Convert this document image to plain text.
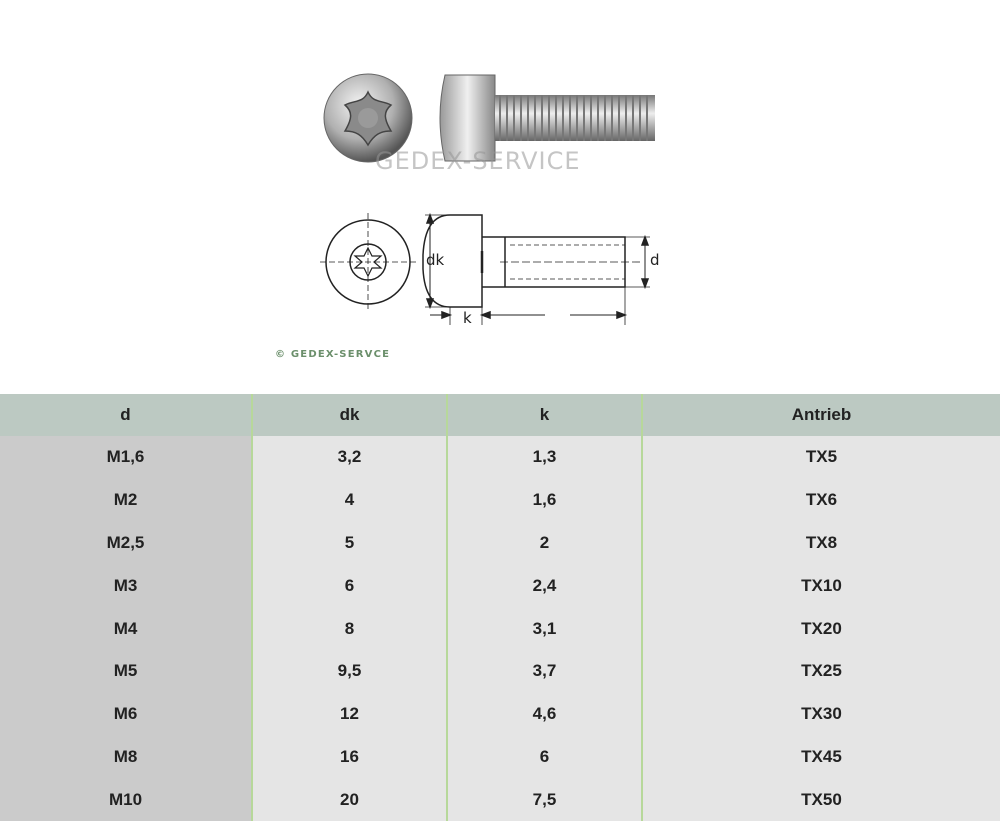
GEDEX-SERVICE
dk
k
d
© GEDEX-SERVCE
d	dk	k	Antrieb
M1,6	3,2	1,3	TX5
M2	4	1,6	TX6
M2,5	5	2	TX8
M3	6	2,4	TX10
M4	8	3,1	TX20
M5	9,5	3,7	TX25
M6	12	4,6	TX30
M8	16	6	TX45
M10	20	7,5	TX50
